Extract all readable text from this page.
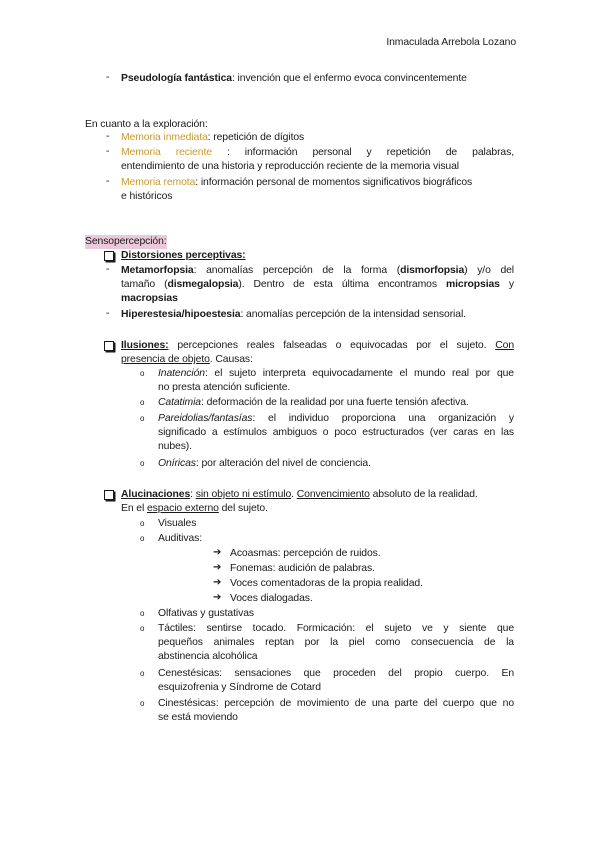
Inmaculada Arrebola Lozano
-	Pseudología fantástica: invención que el enfermo evoca convincentemente
En cuanto a la exploración:
-	Memoria inmediata: repetición de dígitos
-	Memoria reciente : información personal y repetición de palabras,
entendimiento de una historia y reproducción reciente de la memoria visual
-	Memoria remota: información personal de momentos significativos biográficos
e históricos
Sensopercepción:
Distorsiones perceptivas:
-	Metamorfopsia: anomalías percepción de la forma (dismorfopsia) y/o del
tamaño (dismegalopsia). Dentro de esta última encontramos micropsias y
macropsias
-	Hiperestesia/hipoestesia: anomalías percepción de la intensidad sensorial.
Ilusiones: percepciones reales falseadas o equivocadas por el sujeto. Con
presencia de objeto. Causas:
o Inatención: el sujeto interpreta equivocadamente el mundo real por que
no presta atención suficiente.
o Catatimia: deformación de la realidad por una fuerte tensión afectiva.
o Pareidolias/fantasías: el individuo proporciona una organización y
significado a estímulos ambiguos o poco estructurados (ver caras en las
nubes).
o Oníricas: por alteración del nivel de conciencia.
Alucinaciones: sin objeto ni estímulo. Convencimiento absoluto de la realidad.
En el espacio externo del sujeto.
o Visuales
o Auditivas:
➔ Acoasmas: percepción de ruidos.
➔ Fonemas: audición de palabras.
➔ Voces comentadoras de la propia realidad.
➔ Voces dialogadas.
o Olfativas y gustativas
o Táctiles: sentirse tocado. Formicación: el sujeto ve y siente que
pequeños animales reptan por la piel como consecuencia de la
abstinencia alcohólica
o Cenestésicas: sensaciones que proceden del propio cuerpo. En
esquizofrenia y Síndrome de Cotard
o Cinestésicas: percepción de movimiento de una parte del cuerpo que no
se está moviendo
